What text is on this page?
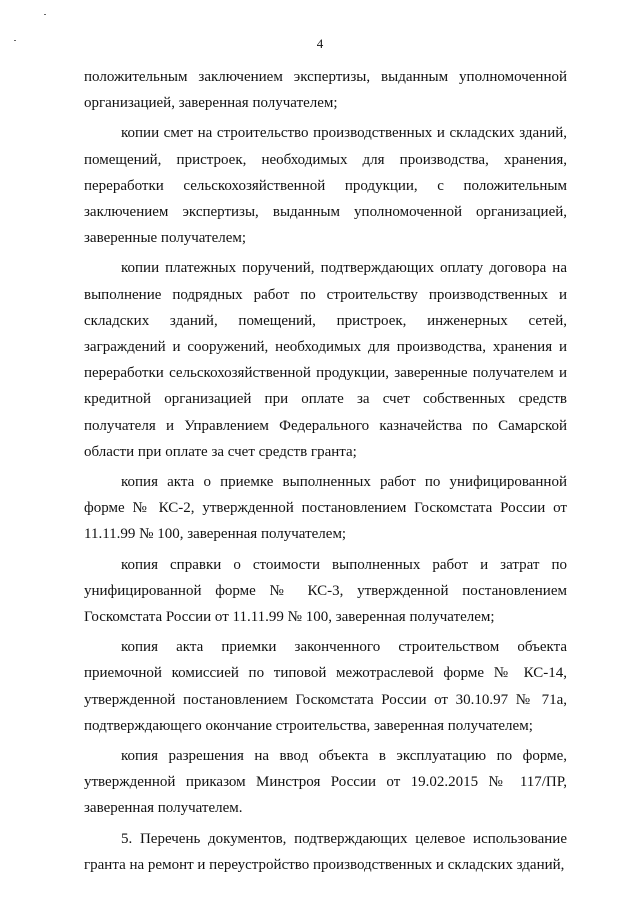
4

положительным заключением экспертизы, выданным уполномоченной организацией, заверенная получателем;

копии смет на строительство производственных и складских зданий, помещений, пристроек, необходимых для производства, хранения, переработки сельскохозяйственной продукции, с положительным заключением экспертизы, выданным уполномоченной организацией, заверенные получателем;

копии платежных поручений, подтверждающих оплату договора на выполнение подрядных работ по строительству производственных и складских зданий, помещений, пристроек, инженерных сетей, заграждений и сооружений, необходимых для производства, хранения и переработки сельскохозяйственной продукции, заверенные получателем и кредитной организацией при оплате за счет собственных средств получателя и Управлением Федерального казначейства по Самарской области при оплате за счет средств гранта;

копия акта о приемке выполненных работ по унифицированной форме № КС-2, утвержденной постановлением Госкомстата России от 11.11.99 № 100, заверенная получателем;

копия справки о стоимости выполненных работ и затрат по унифицированной форме № КС-3, утвержденной постановлением Госкомстата России от 11.11.99 № 100, заверенная получателем;

копия акта приемки законченного строительством объекта приемочной комиссией по типовой межотраслевой форме № КС-14, утвержденной постановлением Госкомстата России от 30.10.97 № 71а, подтверждающего окончание строительства, заверенная получателем;

копия разрешения на ввод объекта в эксплуатацию по форме, утвержденной приказом Минстроя России от 19.02.2015 № 117/ПР, заверенная получателем.

5. Перечень документов, подтверждающих целевое использование гранта на ремонт и переустройство производственных и складских зданий,
